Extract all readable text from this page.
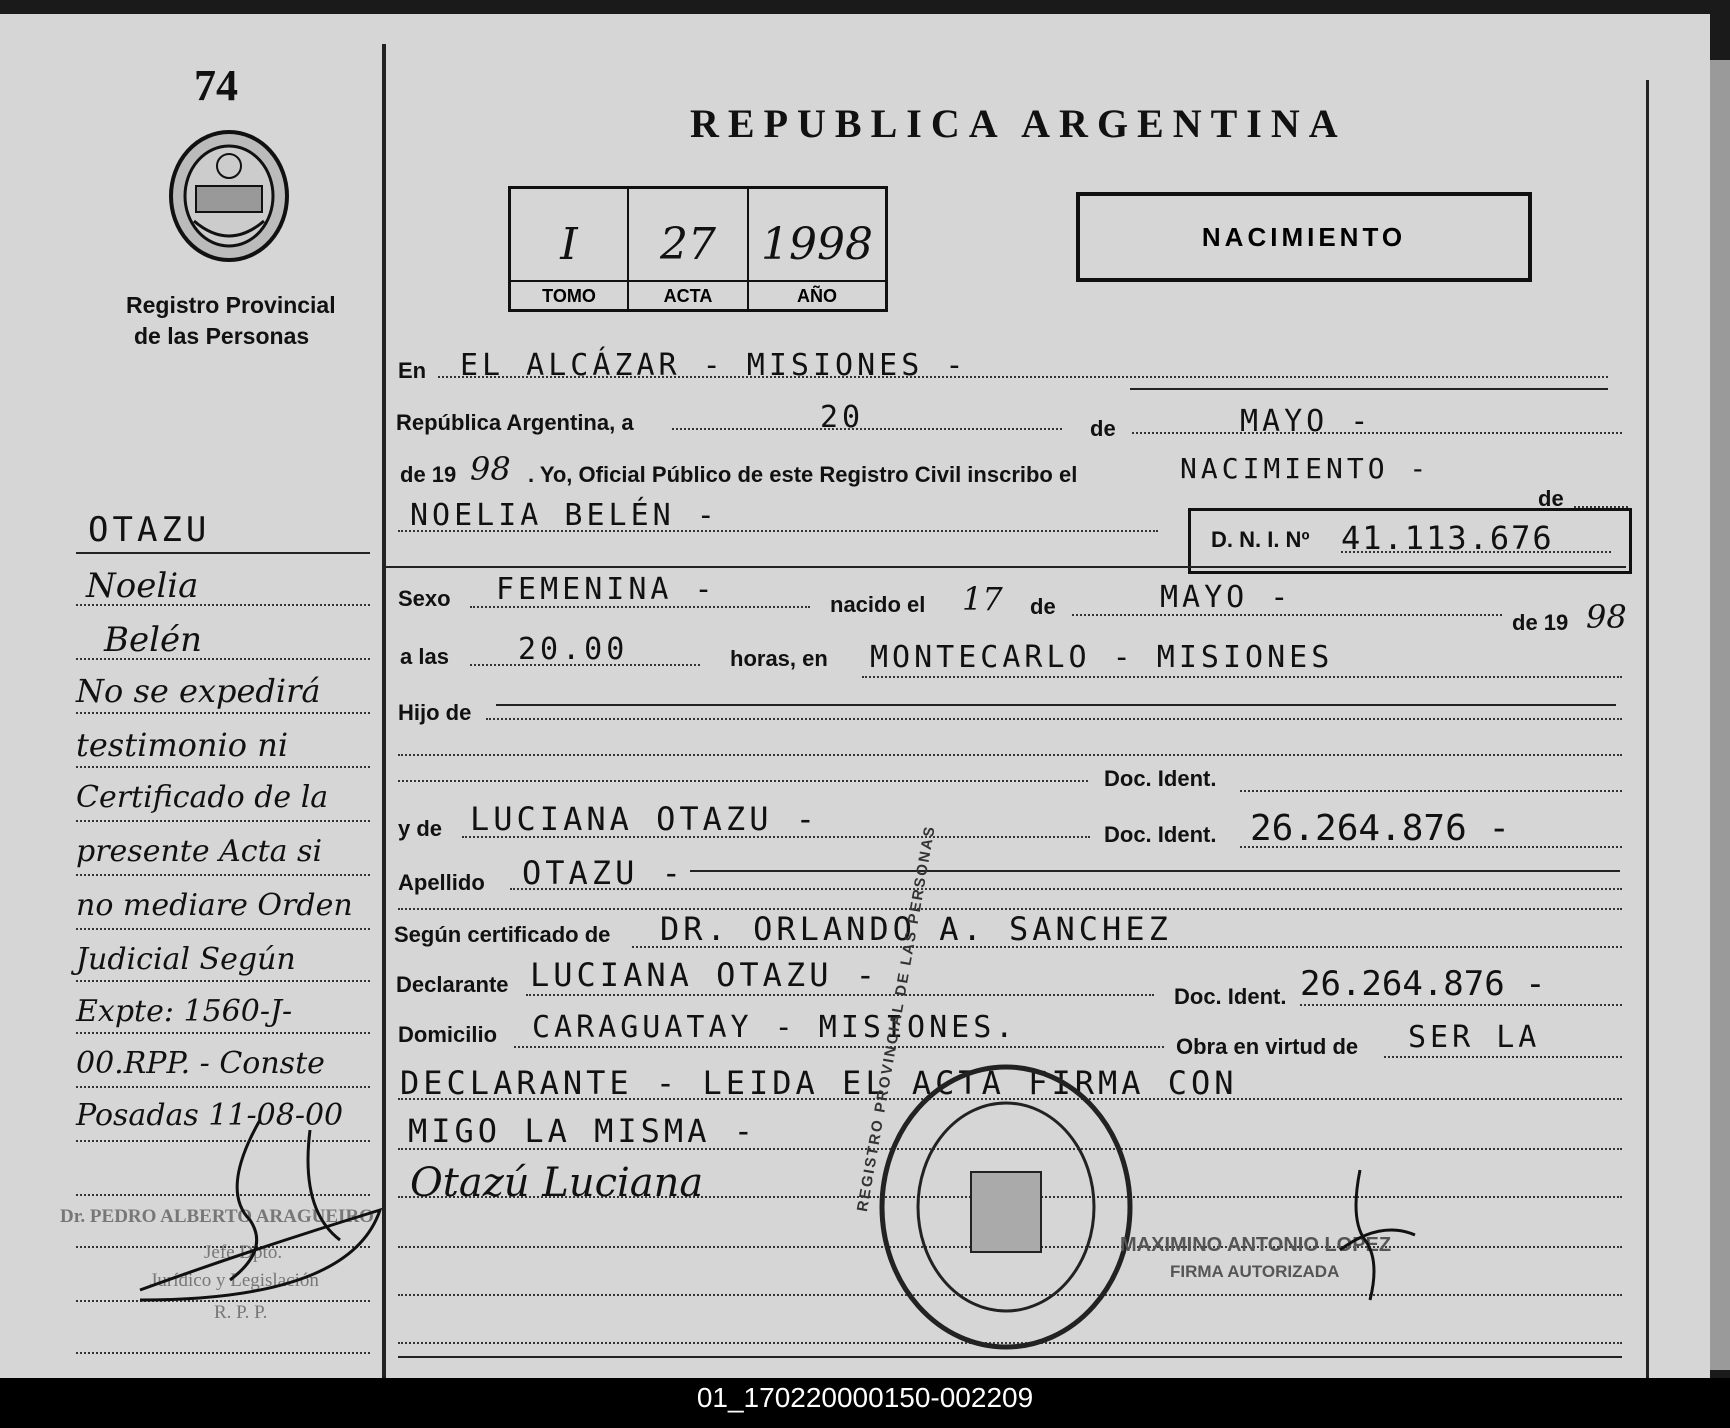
74
Registro Provincial
de las Personas
REPUBLICA ARGENTINA
I
TOMO
27
ACTA
1998
AÑO
NACIMIENTO
En EL ALCÁZAR - MISIONES -
República Argentina, a	20	de	MAYO -
de 19 98 . Yo, Oficial Público de este Registro Civil inscribo el	NACIMIENTO -
de
NOELIA BELÉN -
D. N. I. Nº 41.113.676
Sexo FEMENINA -	nacido el 17 de	MAYO -
de 19 98
a las 20.00	horas, en MONTECARLO - MISIONES
Hijo de
Doc. Ident.
y de LUCIANA OTAZU -	Doc. Ident. 26.264.876 -
Apellido OTAZU -
Según certificado de DR. ORLANDO A. SANCHEZ
Declarante LUCIANA OTAZU -
Doc. Ident. 26.264.876 -
Domicilio CARAGUATAY - MISIONES.
Obra en virtud de SER LA
DECLARANTE - LEIDA EL ACTA FIRMA CON
MIGO LA MISMA -
Otazú Luciana	REGISTRO PROVINCIAL DE LAS PERSONAS
MAXIMINO ANTONIO LOPEZ
FIRMA AUTORIZADA
OTAZU
Noelia
Belén
No se expedirá
testimonio ni
Certificado de la
presente Acta si
no mediare Orden
Judicial Según
Expte: 1560-J-
00.RPP. - Conste
Posadas 11-08-00
Dr. PEDRO ALBERTO ARAGUEIRO
Jefe Dpto.
Jurídico y Legislación
R. P. P.
01_170220000150-002209
